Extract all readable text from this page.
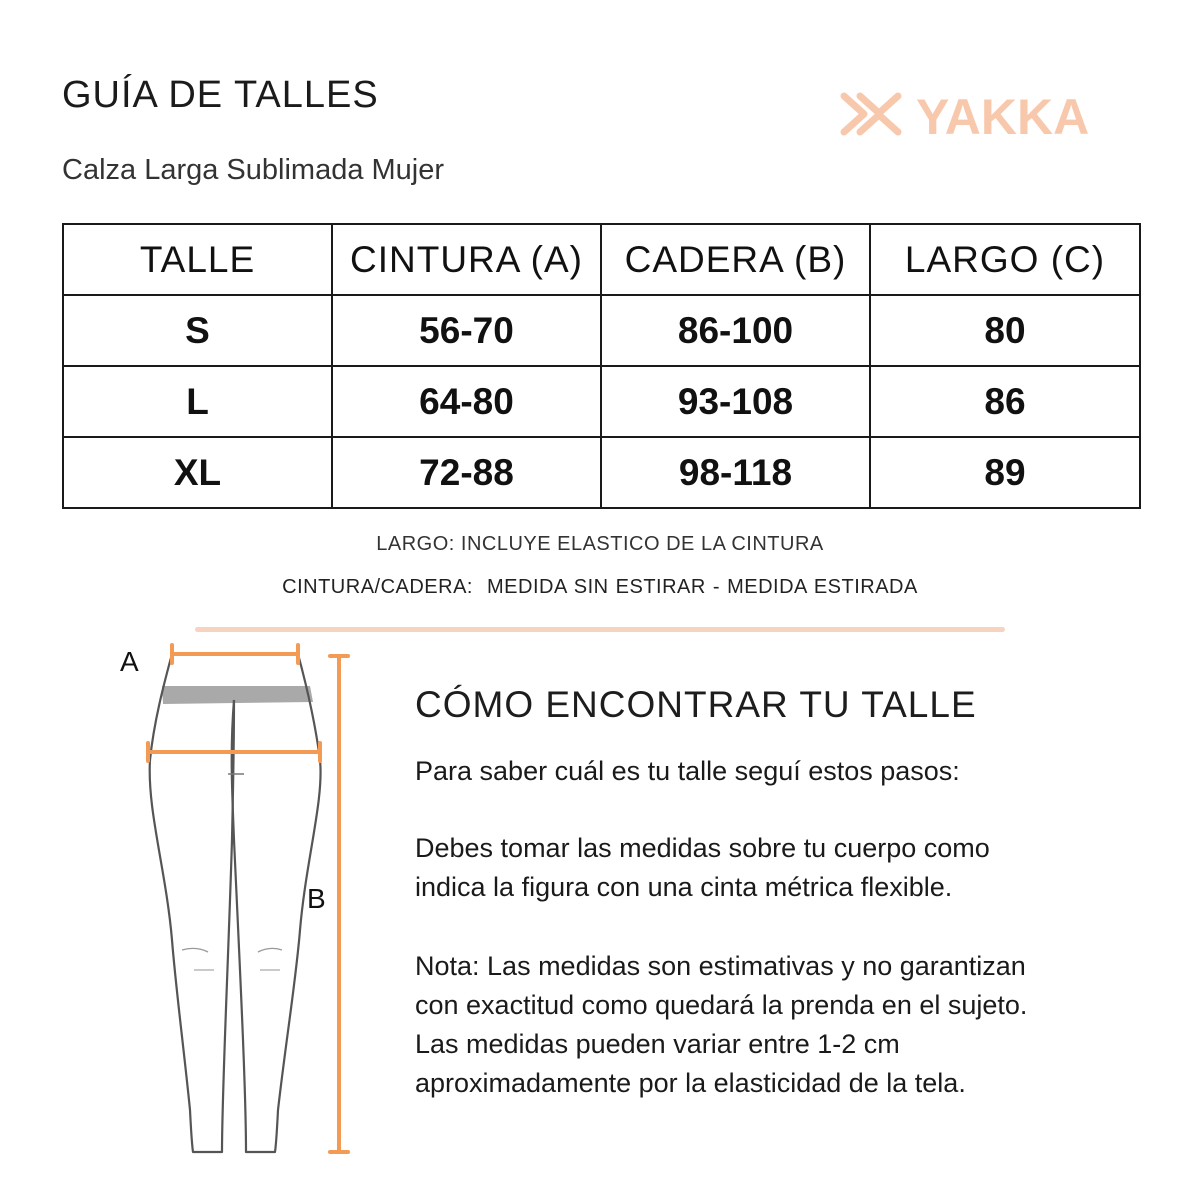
GUÍA DE TALLES
Calza Larga Sublimada Mujer
YAKKA
TALLE	CINTURA (A)	CADERA (B)	LARGO (C)
S	56-70	86-100	80
L	64-80	93-108	86
XL	72-88	98-118	89
LARGO: INCLUYE ELASTICO DE LA CINTURA
CINTURA/CADERA: MEDIDA SIN ESTIRAR - MEDIDA ESTIRADA
A
B
CÓMO ENCONTRAR TU TALLE
Para saber cuál es tu talle seguí estos pasos:
Debes tomar las medidas sobre tu cuerpo como
indica la figura con una cinta métrica flexible.
Nota: Las medidas son estimativas y no garantizan
con exactitud como quedará la prenda en el sujeto.
Las medidas pueden variar entre 1-2 cm
aproximadamente por la elasticidad de la tela.
